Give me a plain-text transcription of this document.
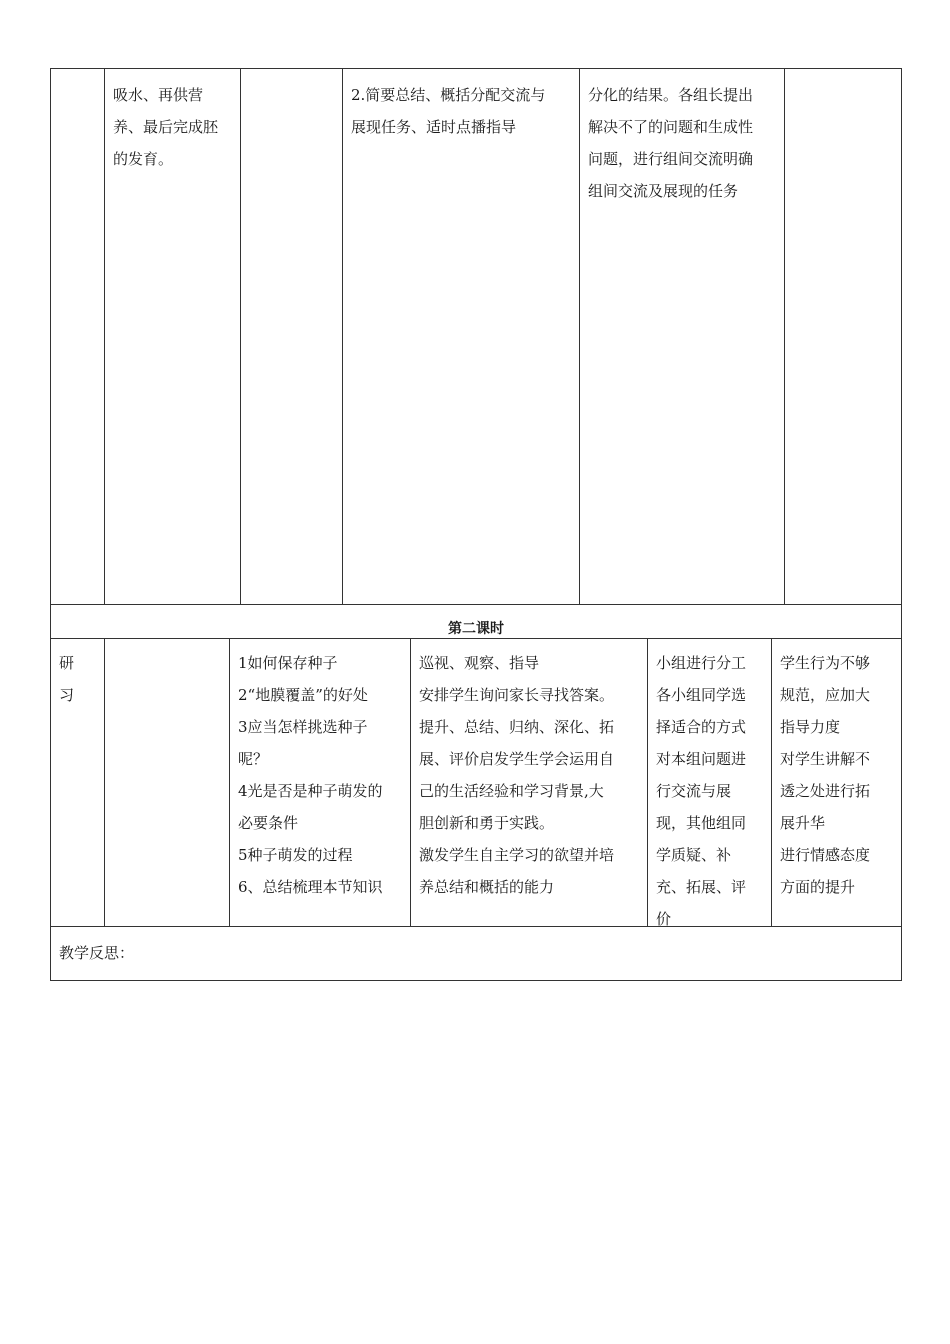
吸水、再供营
养、最后完成胚
的发育。
2.简要总结、概括分配交流与
展现任务、适时点播指导
分化的结果。各组长提出
解决不了的问题和生成性
问题，进行组间交流明确
组间交流及展现的任务
第二课时
研
习
1如何保存种子
2“地膜覆盖”的好处
3应当怎样挑选种子
呢？
4光是否是种子萌发的
必要条件
5种子萌发的过程
6、总结梳理本节知识
巡视、观察、指导
安排学生询问家长寻找答案。
提升、总结、归纳、深化、拓
展、评价启发学生学会运用自
己的生活经验和学习背景,大
胆创新和勇于实践。
激发学生自主学习的欲望并培
养总结和概括的能力
小组进行分工
各小组同学选
择适合的方式
对本组问题进
行交流与展
现，其他组同
学质疑、补
充、拓展、评
价
学生行为不够
规范，应加大
指导力度
对学生讲解不
透之处进行拓
展升华
进行情感态度
方面的提升
教学反思：
